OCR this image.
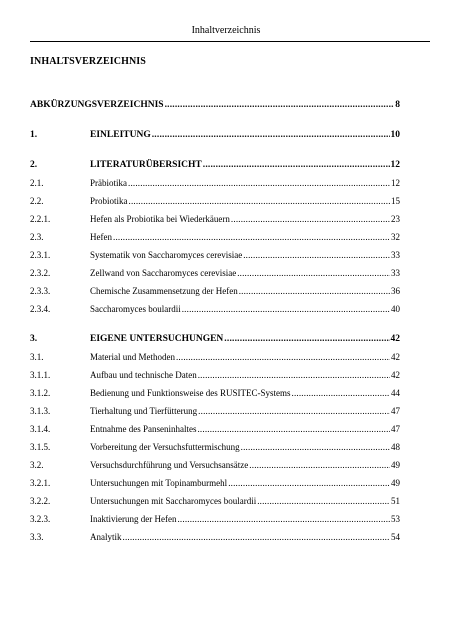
Inhaltverzeichnis
INHALTSVERZEICHNIS
ABKÜRZUNGSVERZEICHNIS .....	8
1.	EINLEITUNG .....	10
2.	LITERATURÜBERSICHT .....	12
2.1.	Präbiotika .....	12
2.2.	Probiotika .....	15
2.2.1.	Hefen als Probiotika bei Wiederkäuern .....	23
2.3.	Hefen .....	32
2.3.1.	Systematik von Saccharomyces cerevisiae .....	33
2.3.2.	Zellwand von Saccharomyces cerevisiae .....	33
2.3.3.	Chemische Zusammensetzung der Hefen .....	36
2.3.4.	Saccharomyces boulardii .....	40
3.	EIGENE UNTERSUCHUNGEN .....	42
3.1.	Material und Methoden .....	42
3.1.1.	Aufbau und technische Daten .....	42
3.1.2.	Bedienung und Funktionsweise des RUSITEC-Systems .....	44
3.1.3.	Tierhaltung und Tierfütterung .....	47
3.1.4.	Entnahme des Panseninhaltes .....	47
3.1.5.	Vorbereitung der Versuchsfuttermischung .....	48
3.2.	Versuchsdurchführung und Versuchsansätze .....	49
3.2.1.	Untersuchungen mit Topinamburmehl .....	49
3.2.2.	Untersuchungen mit Saccharomyces boulardii .....	51
3.2.3.	Inaktivierung der Hefen .....	53
3.3.	Analytik .....	54
